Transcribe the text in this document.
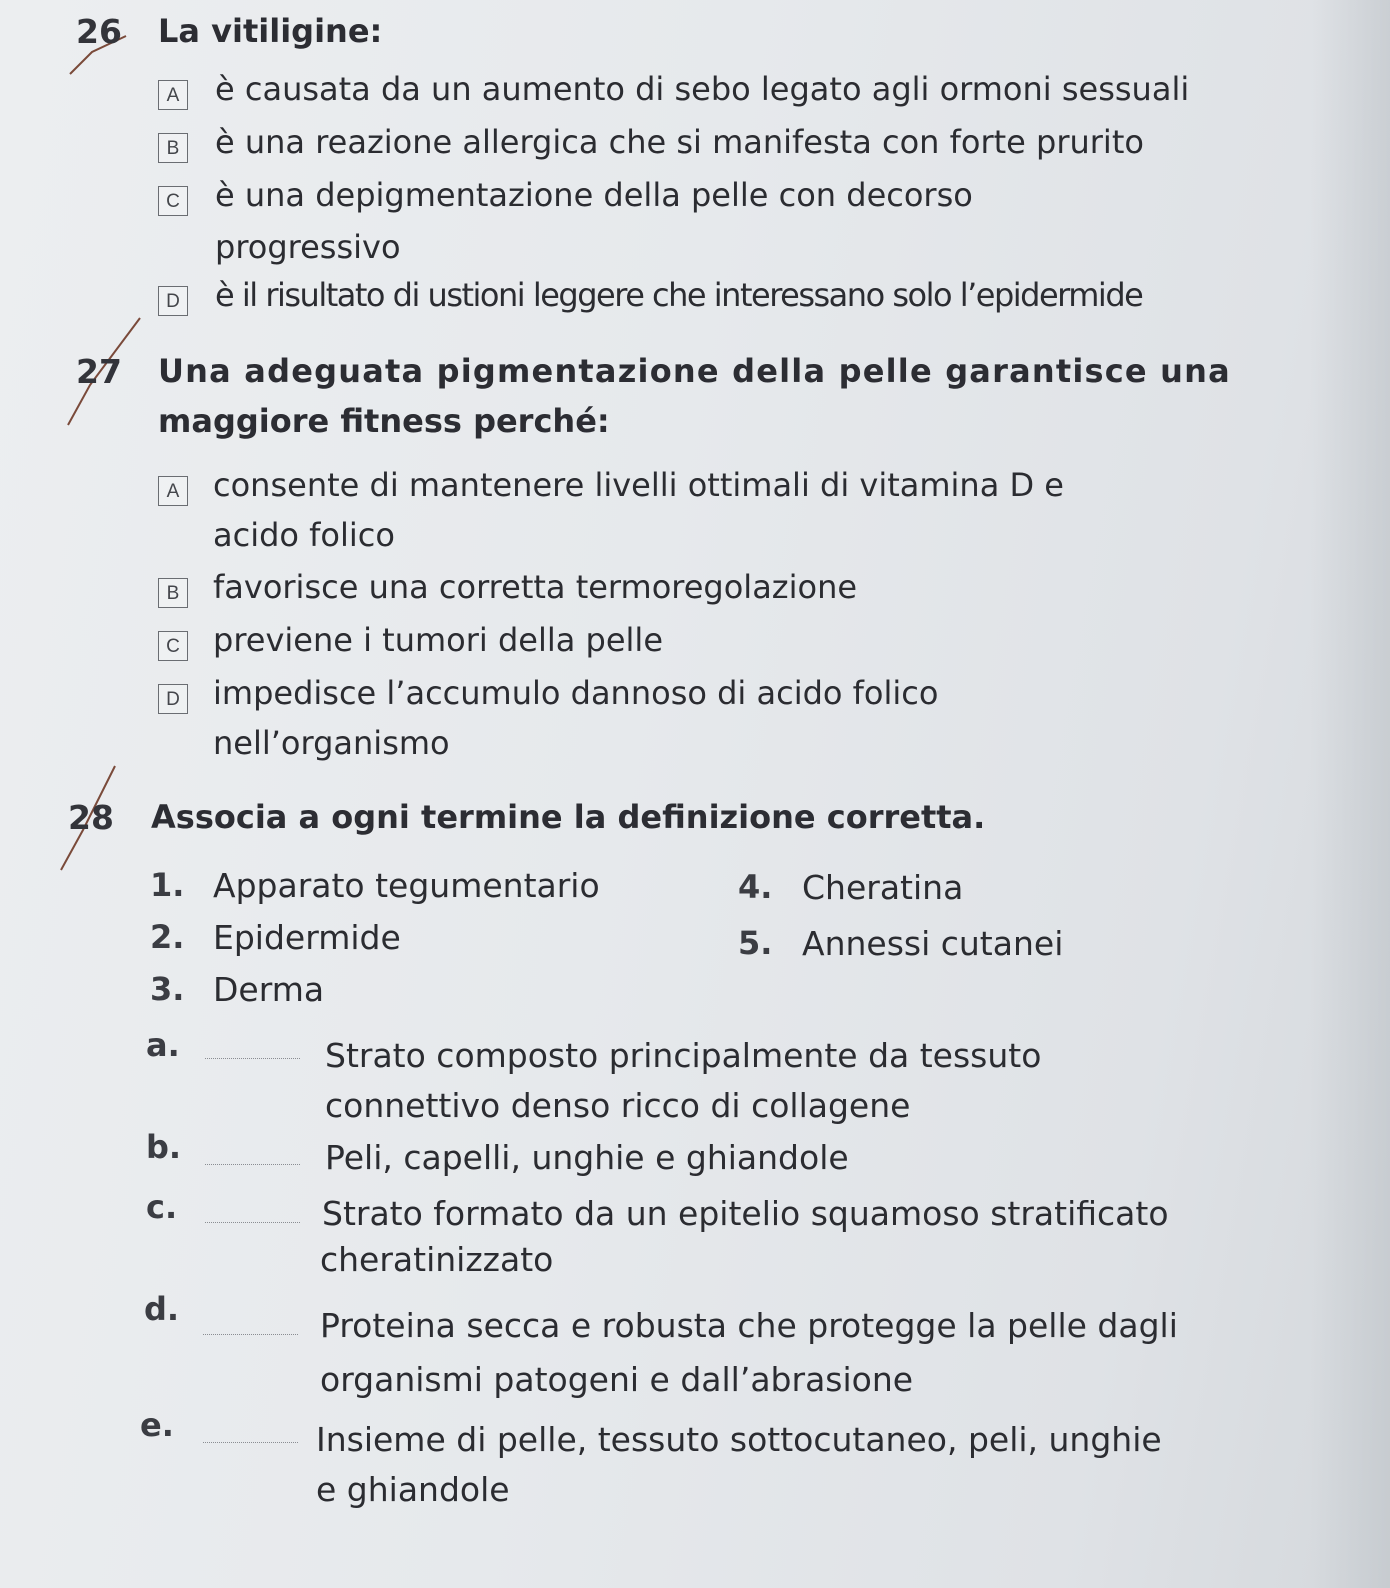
26 La vitiligine:
A è causata da un aumento di sebo legato agli ormoni sessuali
B è una reazione allergica che si manifesta con forte prurito
C è una depigmentazione della pelle con decorso
progressivo
D è il risultato di ustioni leggere che interessano solo l’epidermide
27 Una adeguata pigmentazione della pelle garantisce una
maggiore fitness perché:
A consente di mantenere livelli ottimali di vitamina D e
acido folico
B favorisce una corretta termoregolazione
C previene i tumori della pelle
D impedisce l’accumulo dannoso di acido folico
nell’organismo
28 Associa a ogni termine la definizione corretta.
1. Apparato tegumentario
2. Epidermide
3. Derma
4. Cheratina
5. Annessi cutanei
a.	Strato composto principalmente da tessuto
connettivo denso ricco di collagene
b.	Peli, capelli, unghie e ghiandole
c.	Strato formato da un epitelio squamoso stratificato
cheratinizzato
d.	Proteina secca e robusta che protegge la pelle dagli
organismi patogeni e dall’abrasione
e.	Insieme di pelle, tessuto sottocutaneo, peli, unghie
e ghiandole
